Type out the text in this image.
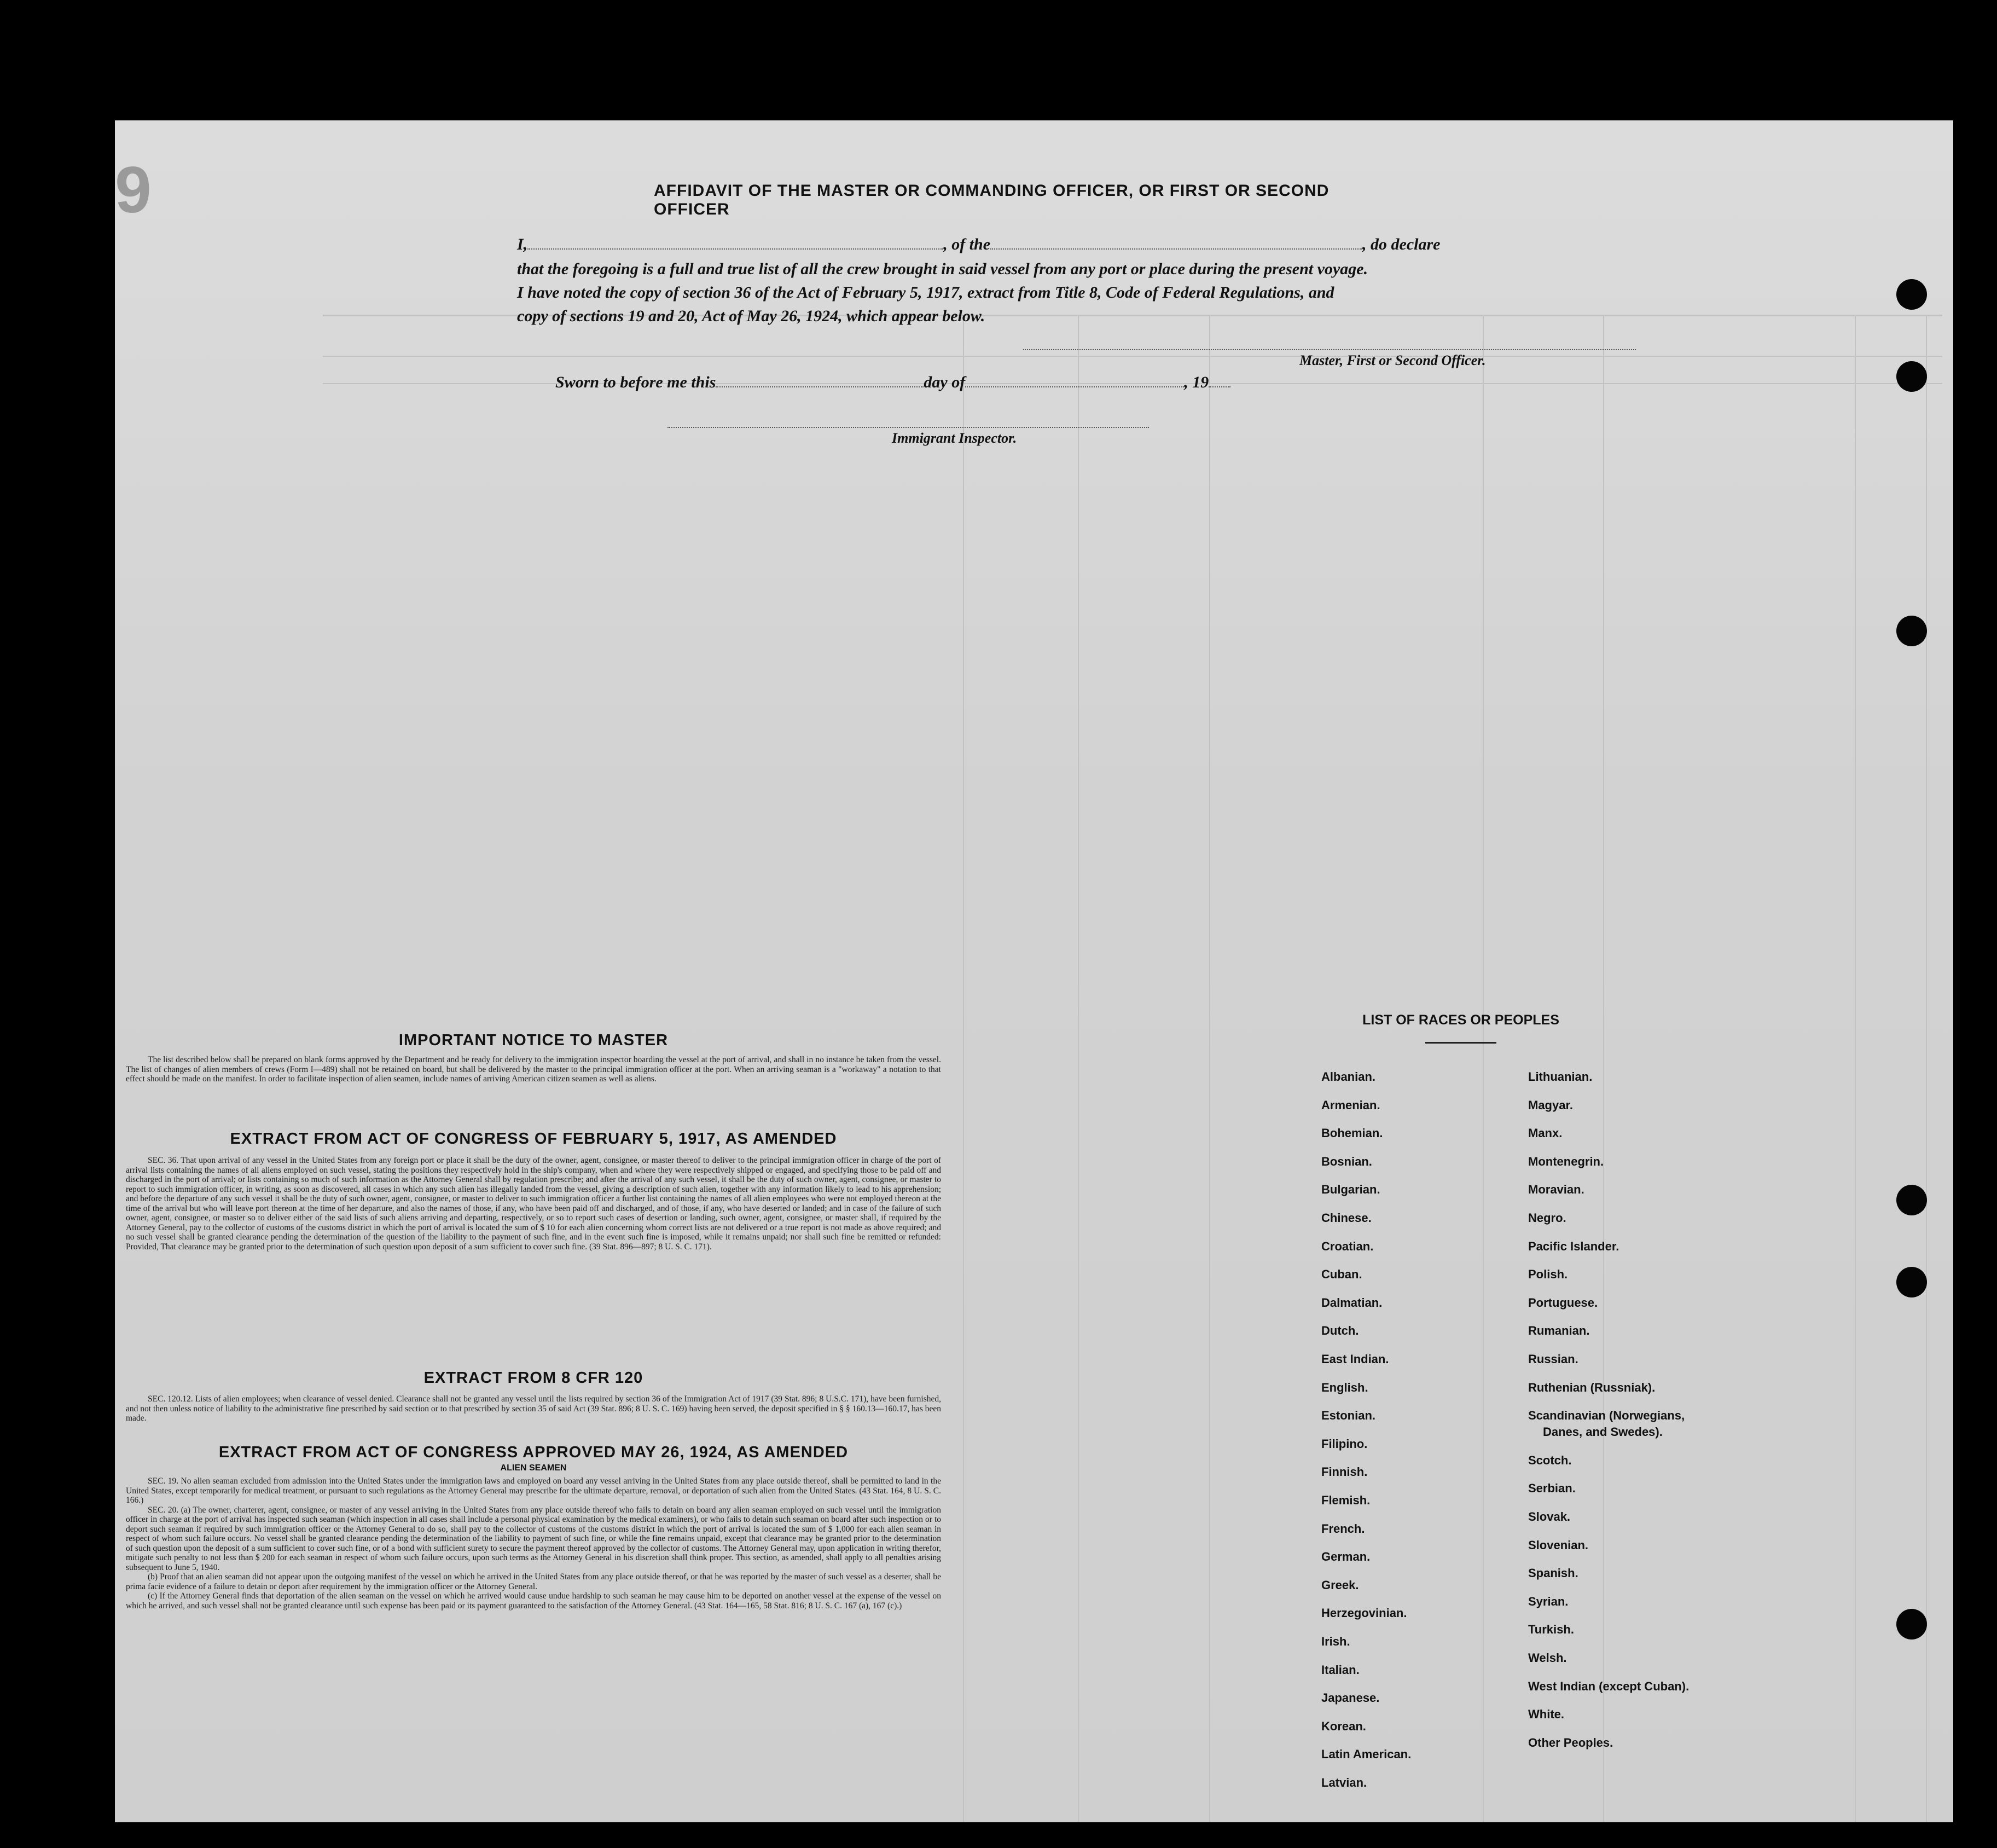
9	AFFIDAVIT OF THE MASTER OR COMMANDING OFFICER, OR FIRST OR SECOND OFFICER
I,	, of the	, do declare
that the foregoing is a full and true list of all the crew brought in said vessel from any port or place during the present voyage.
I have noted the copy of section 36 of the Act of February 5, 1917, extract from Title 8, Code of Federal Regulations, and
copy of sections 19 and 20, Act of May 26, 1924, which appear below.
Master, First or Second Officer.
Sworn to before me this	day of	, 19
Immigrant Inspector.
IMPORTANT NOTICE TO MASTER

The list described below shall be prepared on blank forms approved by the Department and be ready for delivery to the immigration inspector boarding the vessel at the port of arrival, and shall in no instance be taken from the vessel. The list of changes of alien members of crews (Form I—489) shall not be retained on board, but shall be delivered by the master to the principal immigration officer at the port. When an arriving seaman is a "workaway" a notation to that effect should be made on the manifest. In order to facilitate inspection of alien seamen, include names of arriving American citizen seamen as well as aliens.

EXTRACT FROM ACT OF CONGRESS OF FEBRUARY 5, 1917, AS AMENDED

SEC. 36. That upon arrival of any vessel in the United States from any foreign port or place it shall be the duty of the owner, agent, consignee, or master thereof to deliver to the principal immigration officer in charge of the port of arrival lists containing the names of all aliens employed on such vessel, stating the positions they respectively hold in the ship's company, when and where they were respectively shipped or engaged, and specifying those to be paid off and discharged in the port of arrival; or lists containing so much of such information as the Attorney General shall by regulation prescribe; and after the arrival of any such vessel, it shall be the duty of such owner, agent, consignee, or master to report to such immigration officer, in writing, as soon as discovered, all cases in which any such alien has illegally landed from the vessel, giving a description of such alien, together with any information likely to lead to his apprehension; and before the departure of any such vessel it shall be the duty of such owner, agent, consignee, or master to deliver to such immigration officer a further list containing the names of all alien employees who were not employed thereon at the time of the arrival but who will leave port thereon at the time of her departure, and also the names of those, if any, who have been paid off and discharged, and of those, if any, who have deserted or landed; and in case of the failure of such owner, agent, consignee, or master so to deliver either of the said lists of such aliens arriving and departing, respectively, or so to report such cases of desertion or landing, such owner, agent, consignee, or master shall, if required by the Attorney General, pay to the collector of customs of the customs district in which the port of arrival is located the sum of $ 10 for each alien concerning whom correct lists are not delivered or a true report is not made as above required; and no such vessel shall be granted clearance pending the determination of the question of the liability to the payment of such fine, and in the event such fine is imposed, while it remains unpaid; nor shall such fine be remitted or refunded: Provided, That clearance may be granted prior to the determination of such question upon deposit of a sum sufficient to cover such fine. (39 Stat. 896—897; 8 U. S. C. 171).

EXTRACT FROM 8 CFR 120

SEC. 120.12. Lists of alien employees; when clearance of vessel denied. Clearance shall not be granted any vessel until the lists required by section 36 of the Immigration Act of 1917 (39 Stat. 896; 8 U.S.C. 171), have been furnished, and not then unless notice of liability to the administrative fine prescribed by said section or to that prescribed by section 35 of said Act (39 Stat. 896; 8 U. S. C. 169) having been served, the deposit specified in § § 160.13—160.17, has been made.

EXTRACT FROM ACT OF CONGRESS APPROVED MAY 26, 1924, AS AMENDED
ALIEN SEAMEN

SEC. 19. No alien seaman excluded from admission into the United States under the immigration laws and employed on board any vessel arriving in the United States from any place outside thereof, shall be permitted to land in the United States, except temporarily for medical treatment, or pursuant to such regulations as the Attorney General may prescribe for the ultimate departure, removal, or deportation of such alien from the United States. (43 Stat. 164, 8 U. S. C. 166.)

SEC. 20. (a) The owner, charterer, agent, consignee, or master of any vessel arriving in the United States from any place outside thereof who fails to detain on board any alien seaman employed on such vessel until the immigration officer in charge at the port of arrival has inspected such seaman (which inspection in all cases shall include a personal physical examination by the medical examiners), or who fails to detain such seaman on board after such inspection or to deport such seaman if required by such immigration officer or the Attorney General to do so, shall pay to the collector of customs of the customs district in which the port of arrival is located the sum of $ 1,000 for each alien seaman in respect of whom such failure occurs. No vessel shall be granted clearance pending the determination of the liability to payment of such fine, or while the fine remains unpaid, except that clearance may be granted prior to the determination of such question upon the deposit of a sum sufficient to cover such fine, or of a bond with sufficient surety to secure the payment thereof approved by the collector of customs. The Attorney General may, upon application in writing therefor, mitigate such penalty to not less than $ 200 for each seaman in respect of whom such failure occurs, upon such terms as the Attorney General in his discretion shall think proper. This section, as amended, shall apply to all penalties arising subsequent to June 5, 1940.

(b) Proof that an alien seaman did not appear upon the outgoing manifest of the vessel on which he arrived in the United States from any place outside thereof, or that he was reported by the master of such vessel as a deserter, shall be prima facie evidence of a failure to detain or deport after requirement by the immigration officer or the Attorney General.

(c) If the Attorney General finds that deportation of the alien seaman on the vessel on which he arrived would cause undue hardship to such seaman he may cause him to be deported on another vessel at the expense of the vessel on which he arrived, and such vessel shall not be granted clearance until such expense has been paid or its payment guaranteed to the satisfaction of the Attorney General. (43 Stat. 164—165, 58 Stat. 816; 8 U. S. C. 167 (a), 167 (c).)

LIST OF RACES OR PEOPLES
Albanian.
Armenian.
Bohemian.
Bosnian.
Bulgarian.
Chinese.
Croatian.
Cuban.
Dalmatian.
Dutch.
East Indian.
English.
Estonian.
Filipino.
Finnish.
Flemish.
French.
German.
Greek.
Herzegovinian.
Irish.
Italian.
Japanese.
Korean.
Latin American.
Latvian.
Lithuanian.
Magyar.
Manx.
Montenegrin.
Moravian.
Negro.
Pacific Islander.
Polish.
Portuguese.
Rumanian.
Russian.
Ruthenian (Russniak).
Scandinavian (Norwegians,
Danes, and Swedes).
Scotch.
Serbian.
Slovak.
Slovenian.
Spanish.
Syrian.
Turkish.
Welsh.
West Indian (except Cuban).
White.
Other Peoples.
